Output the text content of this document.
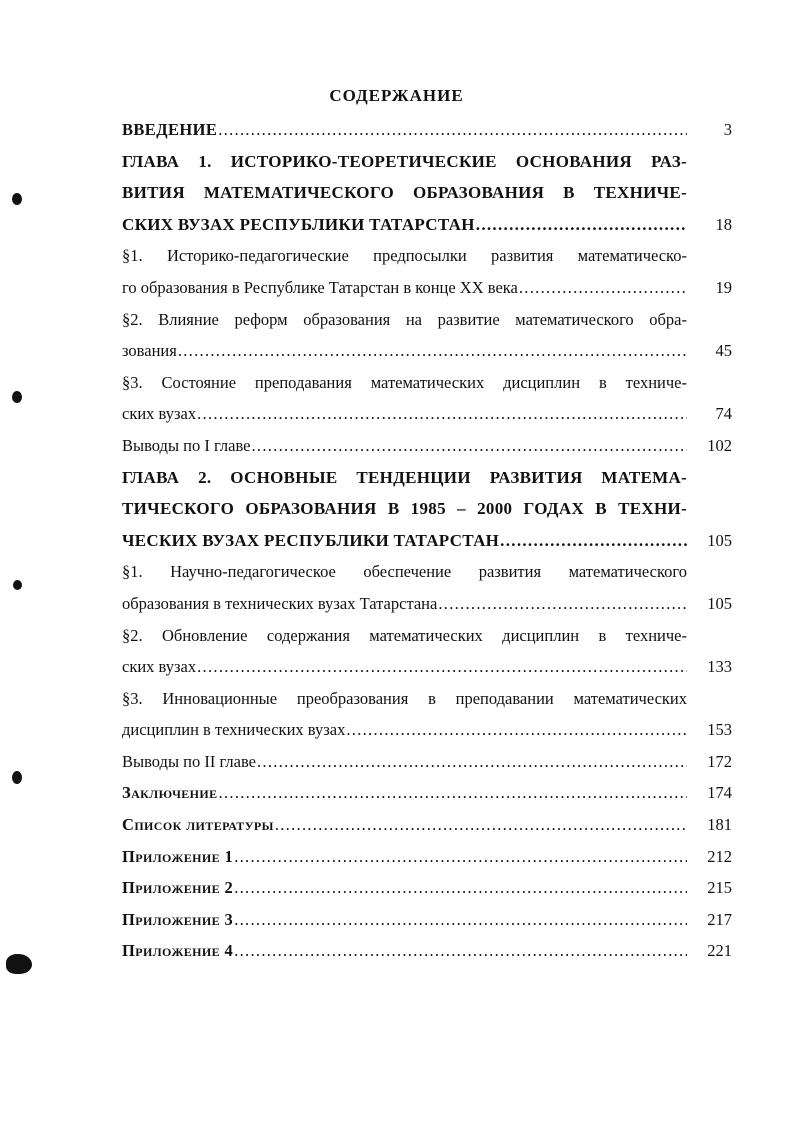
СОДЕРЖАНИЕ
ВВЕДЕНИЕ .....	3
ГЛАВА 1. ИСТОРИКО-ТЕОРЕТИЧЕСКИЕ ОСНОВАНИЯ РАЗ-
ВИТИЯ МАТЕМАТИЧЕСКОГО ОБРАЗОВАНИЯ В ТЕХНИЧЕ-
СКИХ ВУЗАХ РЕСПУБЛИКИ ТАТАРСТАН .....	18
§1. Историко-педагогические предпосылки развития математическо-
го образования в Республике Татарстан в конце XX века .....	19
§2. Влияние реформ образования на развитие математического обра-
зования .....	45
§3. Состояние преподавания математических дисциплин в техниче-
ских вузах .....	74
Выводы по I главе .....	102
ГЛАВА 2. ОСНОВНЫЕ ТЕНДЕНЦИИ РАЗВИТИЯ МАТЕМА-
ТИЧЕСКОГО ОБРАЗОВАНИЯ В 1985 – 2000 ГОДАХ В ТЕХНИ-
ЧЕСКИХ ВУЗАХ РЕСПУБЛИКИ ТАТАРСТАН .....	105
§1. Научно-педагогическое обеспечение развития математического
образования в технических вузах Татарстана .....	105
§2. Обновление содержания математических дисциплин в техниче-
ских вузах .....	133
§3. Инновационные преобразования в преподавании математических
дисциплин в технических вузах .....	153
Выводы по II главе .....	172
Заключение .....	174
Список литературы .....	181
Приложение 1 .....	212
Приложение 2 .....	215
Приложение 3 .....	217
Приложение 4 .....	221
